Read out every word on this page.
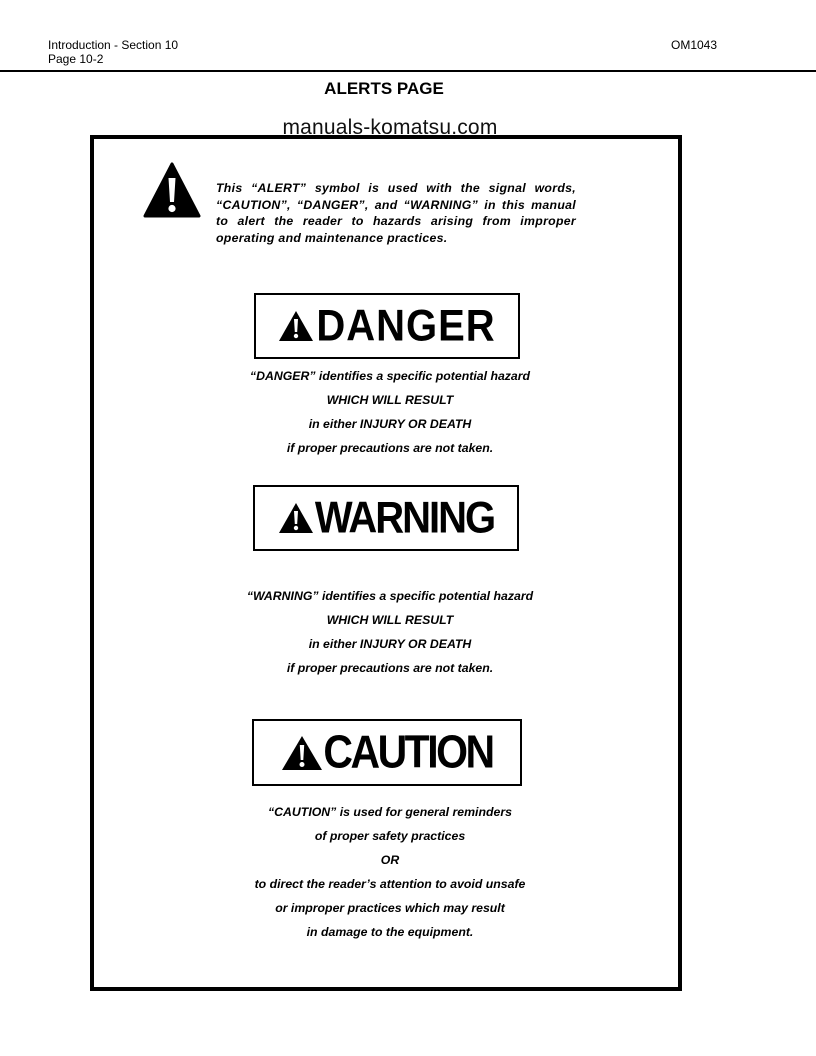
Introduction - Section 10
Page 10-2
OM1043
ALERTS PAGE
manuals-komatsu.com
This “ALERT” symbol is used with the signal words, “CAUTION”, “DANGER”, and “WARNING” in this manual to alert the reader to hazards arising from improper operating and maintenance practices.
DANGER
“DANGER” identifies a specific potential hazard
WHICH WILL RESULT
in either INJURY OR DEATH
if proper precautions are not taken.
WARNING
“WARNING” identifies a specific potential hazard
WHICH WILL RESULT
in either INJURY OR DEATH
if proper precautions are not taken.
CAUTION
“CAUTION” is used for general reminders
of proper safety practices
OR
to direct the reader’s attention to avoid unsafe
or improper practices which may result
in damage to the equipment.
